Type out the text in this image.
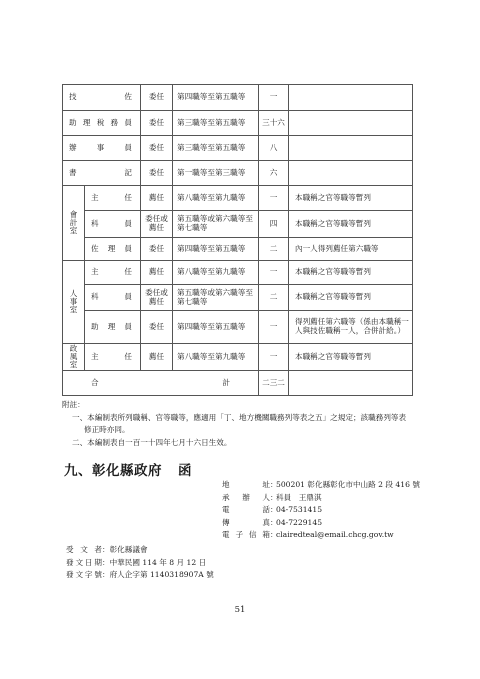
技佐		委任	第四職等至第五職等	一	
助理稅務員		委任	第三職等至第五職等	三十六	
辦事員		委任	第三職等至第五職等	八	
書記		委任	第一職等至第三職等	六	

會計室	主任	薦任	第八職等至第九職等	一	本職稱之官等職等暫列
	科員	委任或薦任	第五職等或第六職等至第七職等	四	本職稱之官等職等暫列
	佐理員	委任	第四職等至第五職等	二	內一人得列薦任第六職等

人事室	主任	薦任	第八職等至第九職等	一	本職稱之官等職等暫列
	科員	委任或薦任	第五職等或第六職等至第七職等	二	本職稱之官等職等暫列
	助理員	委任	第四職等至第五職等	一	得列薦任第六職等（係由本職稱一人與技佐職稱一人，合併計給。）

政風室	主任	薦任	第八職等至第九職等	一	本職稱之官等職等暫列
合計				二三二	

附註：

一、本編制表所列職稱、官等職等，應適用「丁、地方機關職務列等表之五」之規定；該職務列等表修正時亦同。

二、本編制表自一百一十四年七月十六日生效。

九、彰化縣政府 函
地址 ：
500201 彰化縣彰化市中山路 2 段 416 號
承辦人 ：
科員　王鼎淇
電話 ：
04-7531415
傳真 ：
04-7229145
電子信箱 ：
clairedteal@email.chcg.gov.tw
受文者：彰化縣議會
發文日期：中華民國 114 年 8 月 12 日
發文字號：府人企字第 1140318907A 號
51
